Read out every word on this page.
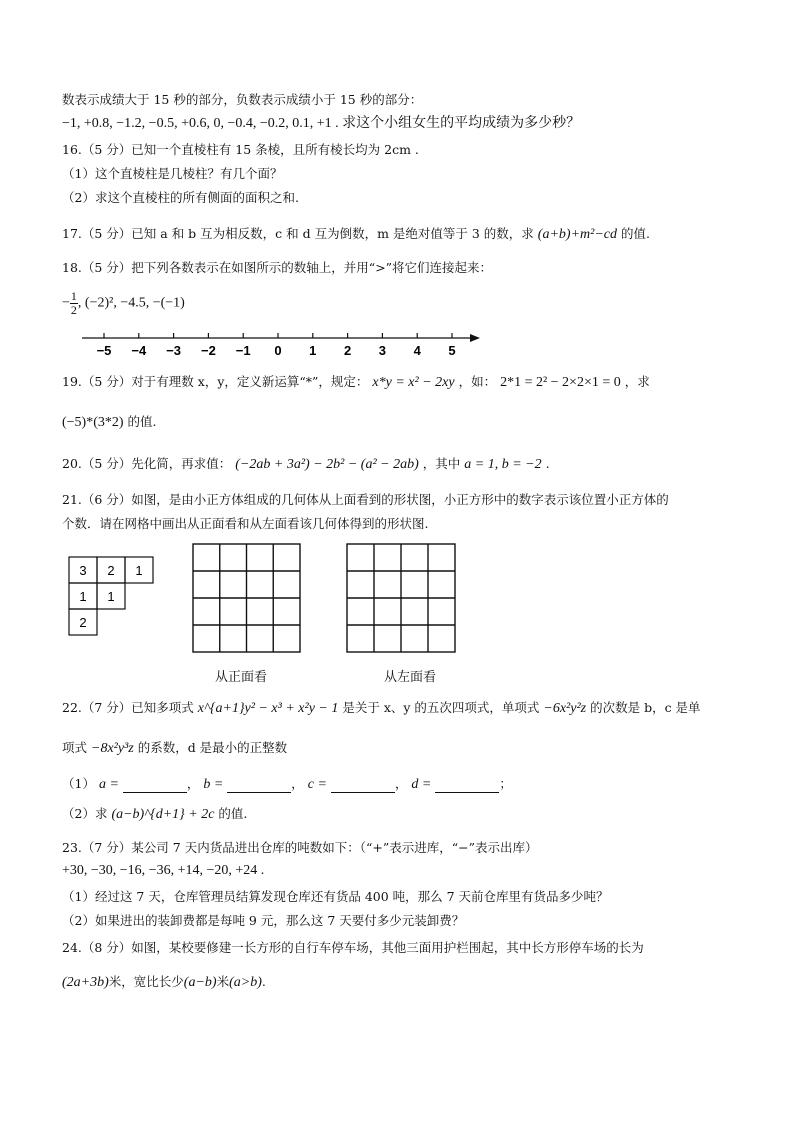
数表示成绩大于 15 秒的部分，负数表示成绩小于 15 秒的部分：
−1, +0.8, −1.2, −0.5, +0.6, 0, −0.4, −0.2, 0.1, +1 . 求这个小组女生的平均成绩为多少秒？
16.（5 分）已知一个直棱柱有 15 条棱，且所有棱长均为 2cm .
（1）这个直棱柱是几棱柱？有几个面？
（2）求这个直棱柱的所有侧面的面积之和.
17.（5 分）已知 a 和 b 互为相反数，c 和 d 互为倒数，m 是绝对值等于 3 的数，求 (a+b)+m²−cd 的值.
18.（5 分）把下列各数表示在如图所示的数轴上，并用“>”将它们连接起来：
− $\frac{1}{2}$ , (−2)², −4.5, −(−1)
−5 −4 −3 −2 −1 0 1 2 3 4 5
19.（5 分）对于有理数 x，y，定义新运算“*”，规定： x*y = x² − 2xy ，如： 2*1 = 2² − 2×2×1 = 0 ，求
(−5)*(3*2) 的值.
20.（5 分）先化简，再求值： (−2ab + 3a²) − 2b² − (a² − 2ab) ，其中 a = 1, b = −2 .
21.（6 分）如图，是由小正方体组成的几何体从上面看到的形状图，小正方形中的数字表示该位置小正方体的
个数．请在网格中画出从正面看和从左面看该几何体得到的形状图.
3 2 1
1 1
2
从正面看	从左面看
22.（7 分）已知多项式 x^{a+1}y² − x³ + x²y − 1 是关于 x、y 的五次四项式，单项式 −6x²y²z 的次数是 b，c 是单
项式 −8x²y³z 的系数，d 是最小的正整数
（1） a =	， b =	， c =	， d =	；
（2）求 (a−b)^{d+1} + 2c 的值.
23.（7 分）某公司 7 天内货品进出仓库的吨数如下：（“+”表示进库，“−”表示出库）
+30, −30, −16, −36, +14, −20, +24 .
（1）经过这 7 天，仓库管理员结算发现仓库还有货品 400 吨，那么 7 天前仓库里有货品多少吨？
（2）如果进出的装卸费都是每吨 9 元，那么这 7 天要付多少元装卸费？
24.（8 分）如图，某校要修建一长方形的自行车停车场，其他三面用护栏围起，其中长方形停车场的长为
(2a+3b)米，宽比长少(a−b)米(a>b).
